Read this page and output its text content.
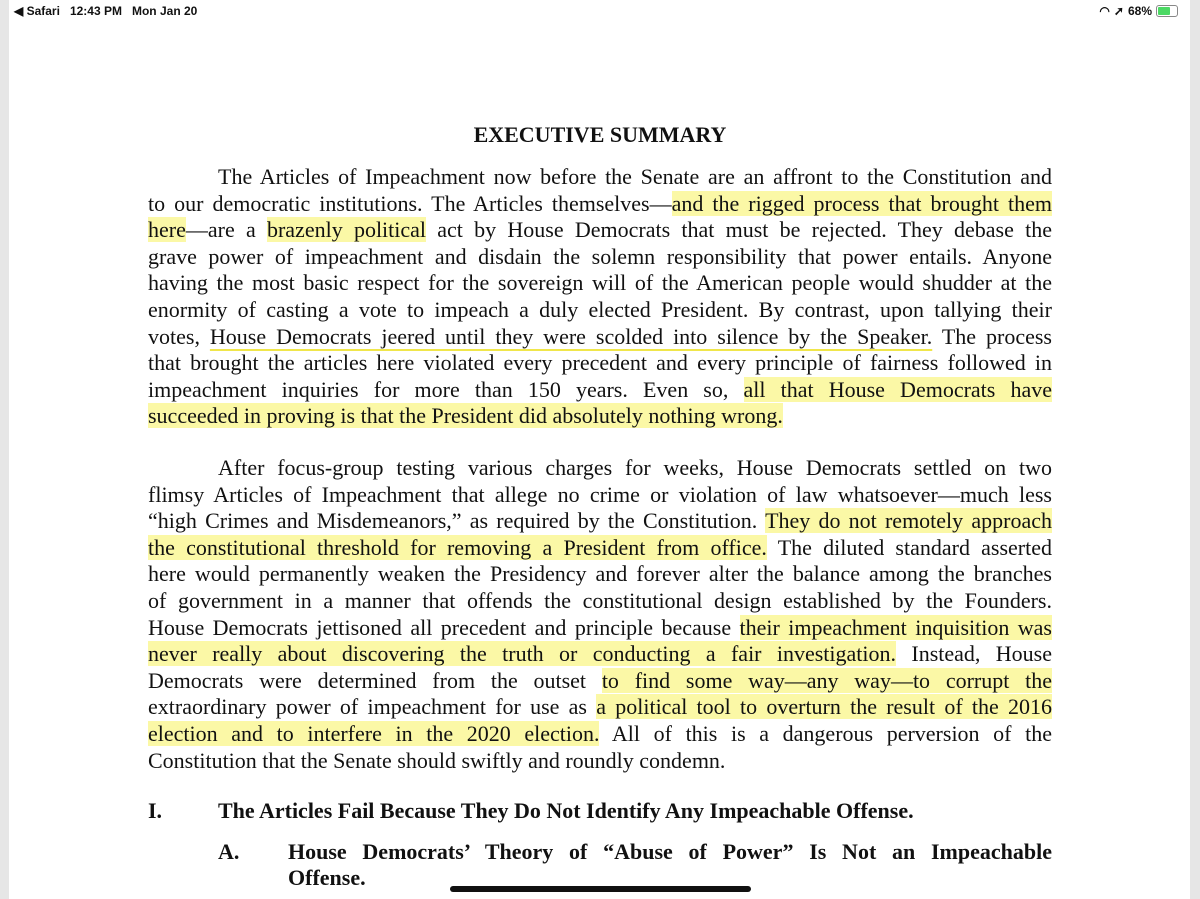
◀ Safari 12:43 PM Mon Jan 20	◠ ➚ 68%
EXECUTIVE SUMMARY
The Articles of Impeachment now before the Senate are an affront to the Constitution and
to our democratic institutions. The Articles themselves—and the rigged process that brought them
here—are a brazenly political act by House Democrats that must be rejected. They debase the
grave power of impeachment and disdain the solemn responsibility that power entails. Anyone
having the most basic respect for the sovereign will of the American people would shudder at the
enormity of casting a vote to impeach a duly elected President. By contrast, upon tallying their
votes, House Democrats jeered until they were scolded into silence by the Speaker. The process
that brought the articles here violated every precedent and every principle of fairness followed in
impeachment inquiries for more than 150 years. Even so, all that House Democrats have
succeeded in proving is that the President did absolutely nothing wrong.
After focus-group testing various charges for weeks, House Democrats settled on two
flimsy Articles of Impeachment that allege no crime or violation of law whatsoever—much less
“high Crimes and Misdemeanors,” as required by the Constitution. They do not remotely approach
the constitutional threshold for removing a President from office. The diluted standard asserted
here would permanently weaken the Presidency and forever alter the balance among the branches
of government in a manner that offends the constitutional design established by the Founders.
House Democrats jettisoned all precedent and principle because their impeachment inquisition was
never really about discovering the truth or conducting a fair investigation. Instead, House
Democrats were determined from the outset to find some way—any way—to corrupt the
extraordinary power of impeachment for use as a political tool to overturn the result of the 2016
election and to interfere in the 2020 election. All of this is a dangerous perversion of the
Constitution that the Senate should swiftly and roundly condemn.
I.	The Articles Fail Because They Do Not Identify Any Impeachable Offense.
A. House Democrats’ Theory of “Abuse of Power” Is Not an Impeachable
Offense.
